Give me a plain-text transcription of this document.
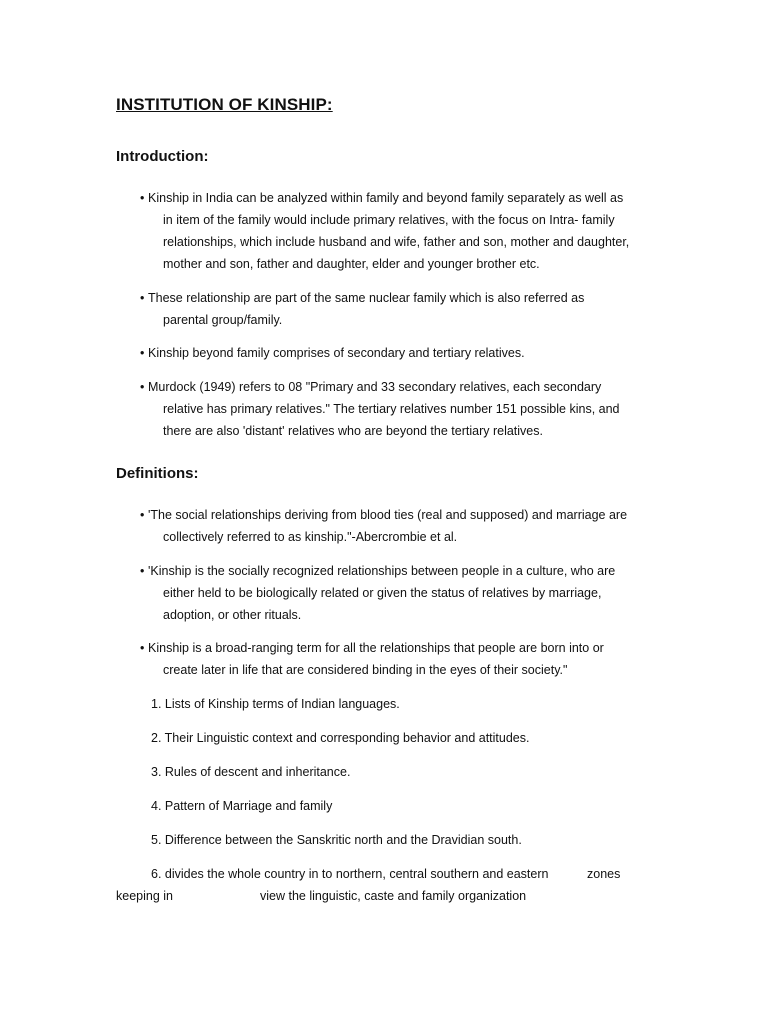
INSTITUTION OF KINSHIP:
Introduction:
• Kinship in India can be analyzed within family and beyond family separately as well as
in item of the family would include primary relatives, with the focus on Intra- family
relationships, which include husband and wife, father and son, mother and daughter,
mother and son, father and daughter, elder and younger brother etc.
• These relationship are part of the same nuclear family which is also referred as
parental group/family.
• Kinship beyond family comprises of secondary and tertiary relatives.
• Murdock (1949) refers to 08 "Primary and 33 secondary relatives, each secondary
relative has primary relatives." The tertiary relatives number 151 possible kins, and
there are also 'distant' relatives who are beyond the tertiary relatives.
Definitions:
• 'The social relationships deriving from blood ties (real and supposed) and marriage are
collectively referred to as kinship."-Abercrombie et al.
• 'Kinship is the socially recognized relationships between people in a culture, who are
either held to be biologically related or given the status of relatives by marriage,
adoption, or other rituals.
• Kinship is a broad-ranging term for all the relationships that people are born into or
create later in life that are considered binding in the eyes of their society."
1. Lists of Kinship terms of Indian languages.
2. Their Linguistic context and corresponding behavior and attitudes.
3. Rules of descent and inheritance.
4. Pattern of Marriage and family
5. Difference between the Sanskritic north and the Dravidian south.
6. divides the whole country in to northern, central southern and eastern	zones
keeping in	view the linguistic, caste and family organization
